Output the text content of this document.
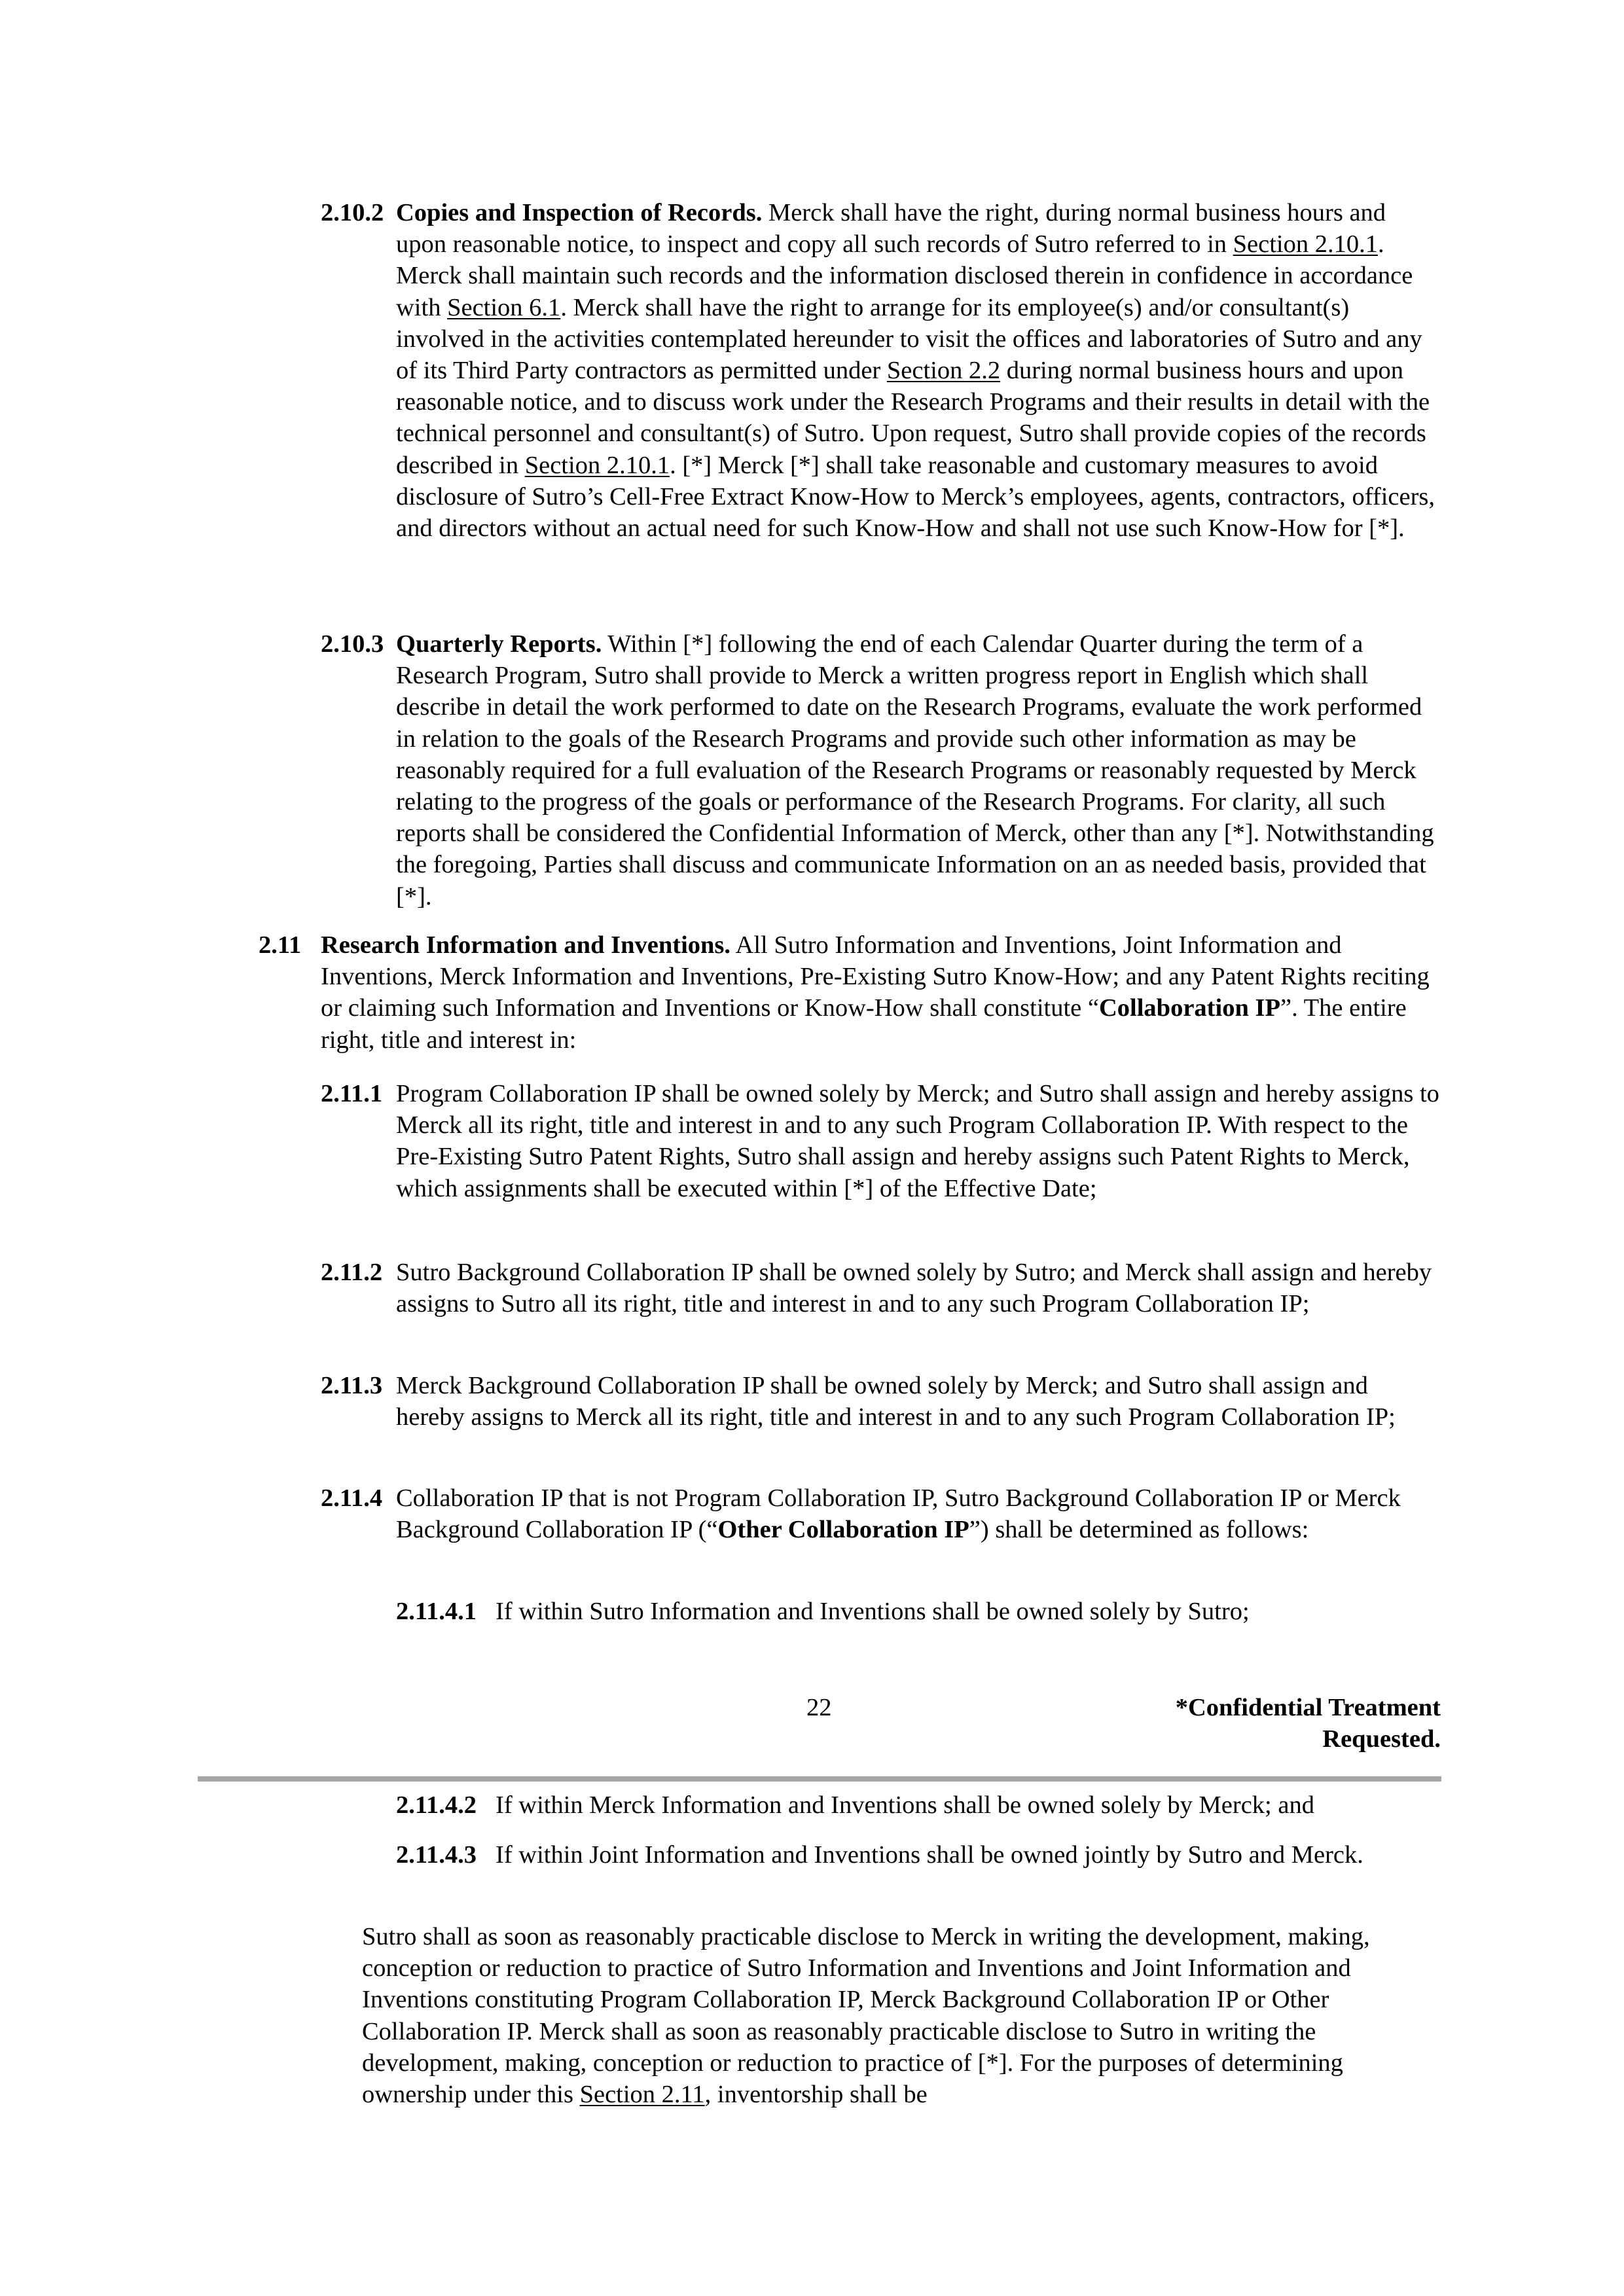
2.10.2 Copies and Inspection of Records. Merck shall have the right, during normal business hours and upon reasonable notice, to inspect and copy all such records of Sutro referred to in Section 2.10.1. Merck shall maintain such records and the information disclosed therein in confidence in accordance with Section 6.1. Merck shall have the right to arrange for its employee(s) and/or consultant(s) involved in the activities contemplated hereunder to visit the offices and laboratories of Sutro and any of its Third Party contractors as permitted under Section 2.2 during normal business hours and upon reasonable notice, and to discuss work under the Research Programs and their results in detail with the technical personnel and consultant(s) of Sutro. Upon request, Sutro shall provide copies of the records described in Section 2.10.1. [*] Merck [*] shall take reasonable and customary measures to avoid disclosure of Sutro’s Cell-Free Extract Know-How to Merck’s employees, agents, contractors, officers, and directors without an actual need for such Know-How and shall not use such Know-How for [*].
2.10.3 Quarterly Reports. Within [*] following the end of each Calendar Quarter during the term of a Research Program, Sutro shall provide to Merck a written progress report in English which shall describe in detail the work performed to date on the Research Programs, evaluate the work performed in relation to the goals of the Research Programs and provide such other information as may be reasonably required for a full evaluation of the Research Programs or reasonably requested by Merck relating to the progress of the goals or performance of the Research Programs. For clarity, all such reports shall be considered the Confidential Information of Merck, other than any [*]. Notwithstanding the foregoing, Parties shall discuss and communicate Information on an as needed basis, provided that [*].
2.11 Research Information and Inventions. All Sutro Information and Inventions, Joint Information and Inventions, Merck Information and Inventions, Pre-Existing Sutro Know-How; and any Patent Rights reciting or claiming such Information and Inventions or Know-How shall constitute “Collaboration IP”. The entire right, title and interest in:
2.11.1 Program Collaboration IP shall be owned solely by Merck; and Sutro shall assign and hereby assigns to Merck all its right, title and interest in and to any such Program Collaboration IP. With respect to the Pre-Existing Sutro Patent Rights, Sutro shall assign and hereby assigns such Patent Rights to Merck, which assignments shall be executed within [*] of the Effective Date;
2.11.2 Sutro Background Collaboration IP shall be owned solely by Sutro; and Merck shall assign and hereby assigns to Sutro all its right, title and interest in and to any such Program Collaboration IP;
2.11.3 Merck Background Collaboration IP shall be owned solely by Merck; and Sutro shall assign and hereby assigns to Merck all its right, title and interest in and to any such Program Collaboration IP;
2.11.4 Collaboration IP that is not Program Collaboration IP, Sutro Background Collaboration IP or Merck Background Collaboration IP (“Other Collaboration IP”) shall be determined as follows:
2.11.4.1 If within Sutro Information and Inventions shall be owned solely by Sutro;
22	*Confidential Treatment
Requested.
2.11.4.2 If within Merck Information and Inventions shall be owned solely by Merck; and
2.11.4.3 If within Joint Information and Inventions shall be owned jointly by Sutro and Merck.
Sutro shall as soon as reasonably practicable disclose to Merck in writing the development, making, conception or reduction to practice of Sutro Information and Inventions and Joint Information and Inventions constituting Program Collaboration IP, Merck Background Collaboration IP or Other Collaboration IP. Merck shall as soon as reasonably practicable disclose to Sutro in writing the development, making, conception or reduction to practice of [*]. For the purposes of determining ownership under this Section 2.11, inventorship shall be
